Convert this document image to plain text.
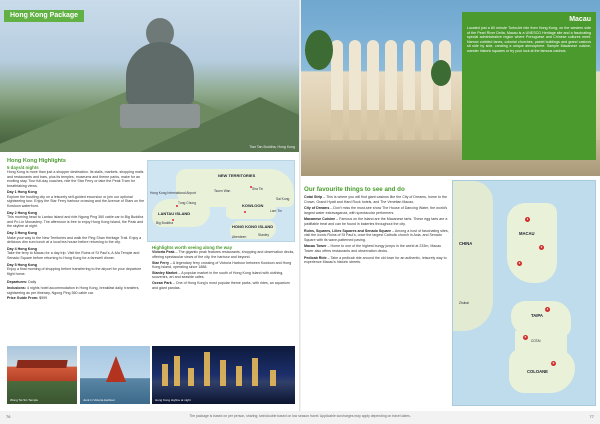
Tian Tan Buddha, Hong Kong
Hong Kong Package
Hong Kong Highlights
5 days/4 nights
Hong Kong is more than just a shopper destination. Its stalls, markets, shopping malls and restaurants and bars, plus its temples, museums and theme parks, make for an exciting stay. Tour full-day coaches, ride the Star Ferry or take the Peak Tram for breathtaking views.
Day 1 Hong Kong
Explore the bustling city on a leisurely self-guided excursion or join our optional sightseeing tour. Enjoy the Star Ferry harbour crossing and the Avenue of Stars on the Kowloon waterfront.
Day 2 Hong Kong
This morning head to Lantau Island and ride Ngong Ping 360 cable car to Big Buddha and Po Lin Monastery. The afternoon is free to enjoy Hong Kong Island, the Peak and the skyline at night.
Day 3 Hong Kong
Make your way to the New Territories and walk the Ping Shan Heritage Trail. Enjoy a delicious dim sum lunch at a local tea house before returning to the city.
Day 4 Hong Kong
Take the ferry to Macau for a day trip. Visit the Ruins of St Paul's, A-Ma Temple and Senado Square before returning to Hong Kong for a farewell dinner.
Day 5 Hong Kong
Enjoy a final morning of shopping before transferring to the airport for your departure flight home.
Departures: Daily
Inclusions: 4 nights hotel accommodation in Hong Kong, breakfast daily, transfers, sightseeing as per itinerary, Ngong Ping 360 cable car.
Price Guide From: $999
NEW TERRITORIES
KOWLOON
LANTAU ISLAND
HONG KONG ISLAND
Sha Tin
Tsuen Wan
Tung Chung
Big Buddha
Sai Kung
Lam Tin
Hong Kong International Airport
Stanley
Aberdeen
Highlights worth seeing along the way
Victoria Peak – The gigantic peak features restaurants, shopping and observation decks, offering spectacular views of the city, the harbour and beyond.
Star Ferry – A legendary ferry crossing of Victoria Harbour between Kowloon and Hong Kong Island, operating since 1888.
Stanley Market – A popular market in the south of Hong Kong Island with clothing, souvenirs, art and seaside cafes.
Ocean Park – One of Hong Kong's most popular theme parks, with rides, an aquarium and giant pandas.
Wong Tai Sin Temple	Junk in Victoria Harbour	Hong Kong skyline at night
Macau
Located just a 60 minute TurboJet ride from Hong Kong, on the western side of the Pearl River Delta, Macau is a UNESCO Heritage site and a fascinating special administrative region where Portuguese and Chinese cultures meet. Narrow cobbled lanes, colonial churches, pastel buildings and grand casinos sit side by side, creating a unique atmosphere. Sample Macanese cuisine, wander historic squares or try your luck at the famous casinos.
Our favourite things to see and do
Cotai Strip – This is where you will find giant casinos like the City of Dreams, home to the Crown, Grand Hyatt and Hard Rock hotels, and The Venetian Macao.
City of Dreams – Don't miss the must-see show The House of Dancing Water, the world's largest water extravaganza, with spectacular performers.
Macanese Cuisine – Famous on the island are the Macanese tarts. These egg tarts are a justifiable treat and can be found in bakeries throughout the city.
Ruins, Squares, Lilies Squares and Senado Square – Among a host of fascinating sites, visit the iconic Ruins of St Paul's, once the largest Catholic church in Asia, and Senado Square with its wave-patterned paving.
Macau Tower – Home to one of the highest bungy jumps in the world at 233m, Macau Tower also offers restaurants and observation decks.
Pedicab Ride – Take a pedicab ride around the old town for an authentic, leisurely way to experience Macau's historic streets.
CHINA
MACAU
TAIPA
COTAI
COLOANE
Zhuhai
1
2
3
4
5
6
The package is based on per person, sharing; twin/double based on low season travel. Applicable surcharges may apply depending on travel dates.
76	77
